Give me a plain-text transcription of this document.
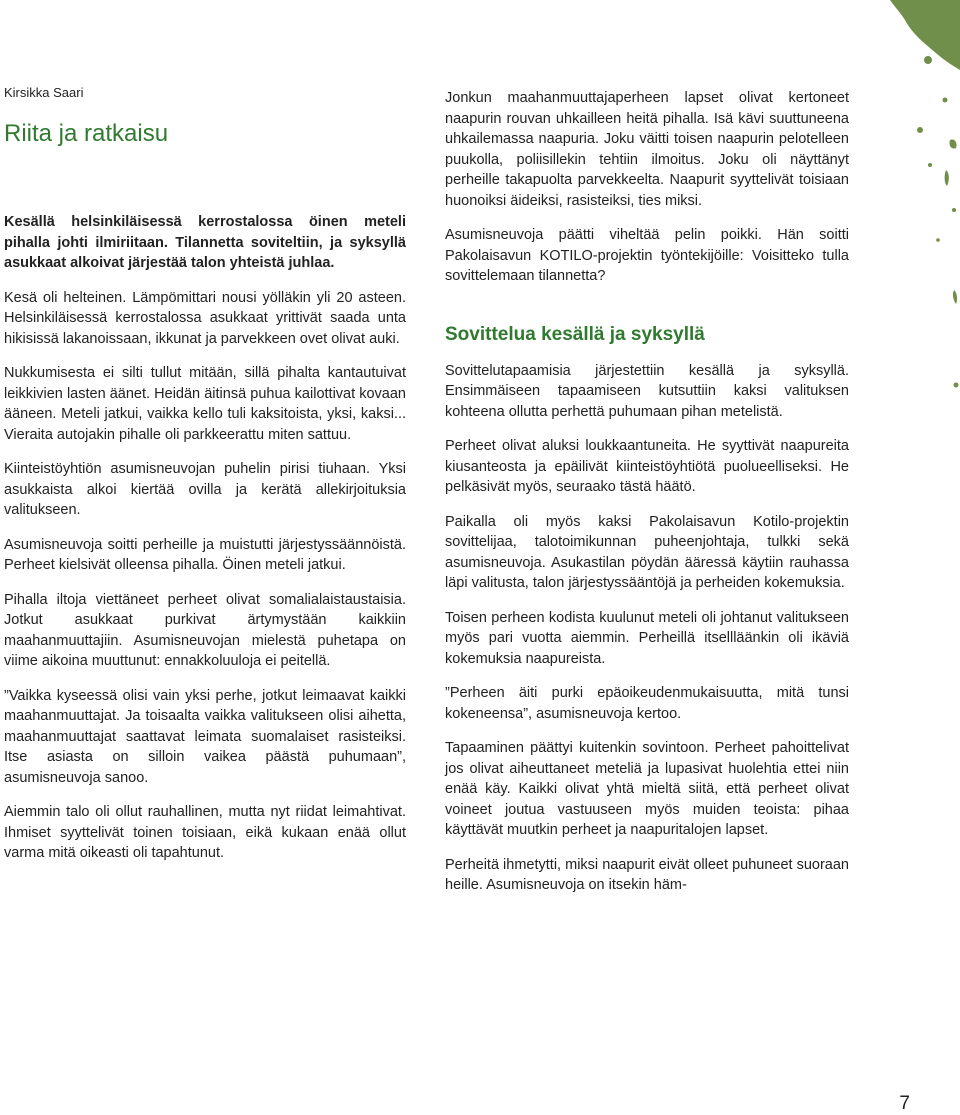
Kirsikka Saari
Riita ja ratkaisu

Kesällä helsinkiläisessä kerrostalossa öinen meteli pihalla johti ilmiriitaan. Tilannetta soviteltiin, ja syksyllä asukkaat alkoivat järjestää talon yhteistä juhlaa.

Kesä oli helteinen. Lämpömittari nousi yölläkin yli 20 asteen. Helsinkiläisessä kerrostalossa asukkaat yrittivät saada unta hikisissä lakanoissaan, ikkunat ja parvekkeen ovet olivat auki.

Nukkumisesta ei silti tullut mitään, sillä pihalta kantautuivat leikkivien lasten äänet. Heidän äitinsä puhua kailottivat kovaan ääneen. Meteli jatkui, vaikka kello tuli kaksitoista, yksi, kaksi... Vieraita autojakin pihalle oli parkkeerattu miten sattuu.

Kiinteistöyhtiön asumisneuvojan puhelin pirisi tiuhaan. Yksi asukkaista alkoi kiertää ovilla ja kerätä allekirjoituksia valitukseen.

Asumisneuvoja soitti perheille ja muistutti järjestyssäännöistä. Perheet kielsivät olleensa pihalla. Öinen meteli jatkui.

Pihalla iltoja viettäneet perheet olivat somalialaistaustaisia. Jotkut asukkaat purkivat ärtymystään kaikkiin maahanmuuttajiin. Asumisneuvojan mielestä puhetapa on viime aikoina muuttunut: ennakkoluuloja ei peitellä.

”Vaikka kyseessä olisi vain yksi perhe, jotkut leimaavat kaikki maahanmuuttajat. Ja toisaalta vaikka valitukseen olisi aihetta, maahanmuuttajat saattavat leimata suomalaiset rasisteiksi. Itse asiasta on silloin vaikea päästä puhumaan”, asumisneuvoja sanoo.

Aiemmin talo oli ollut rauhallinen, mutta nyt riidat leimahtivat. Ihmiset syyttelivät toinen toisiaan, eikä kukaan enää ollut varma mitä oikeasti oli tapahtunut.

Jonkun maahanmuuttajaperheen lapset olivat kertoneet naapurin rouvan uhkailleen heitä pihalla. Isä kävi suuttuneena uhkailemassa naapuria. Joku väitti toisen naapurin pelotelleen puukolla, poliisillekin tehtiin ilmoitus. Joku oli näyttänyt perheille takapuolta parvekkeelta. Naapurit syyttelivät toisiaan huonoiksi äideiksi, rasisteiksi, ties miksi.

Asumisneuvoja päätti viheltää pelin poikki. Hän soitti Pakolaisavun KOTILO-projektin työntekijöille: Voisitteko tulla sovittelemaan tilannetta?

Sovittelua kesällä ja syksyllä

Sovittelutapaamisia järjestettiin kesällä ja syksyllä. Ensimmäiseen tapaamiseen kutsuttiin kaksi valituksen kohteena ollutta perhettä puhumaan pihan metelistä.

Perheet olivat aluksi loukkaantuneita. He syyttivät naapureita kiusanteosta ja epäilivät kiinteistöyhtiötä puolueelliseksi. He pelkäsivät myös, seuraako tästä häätö.

Paikalla oli myös kaksi Pakolaisavun Kotilo-projektin sovittelijaa, talotoimikunnan puheenjohtaja, tulkki sekä asumisneuvoja. Asukastilan pöydän ääressä käytiin rauhassa läpi valitusta, talon järjestyssääntöjä ja perheiden kokemuksia.

Toisen perheen kodista kuulunut meteli oli johtanut valitukseen myös pari vuotta aiemmin. Perheillä itsellläänkin oli ikäviä kokemuksia naapureista.

”Perheen äiti purki epäoikeudenmukaisuutta, mitä tunsi kokeneensa”, asumisneuvoja kertoo.

Tapaaminen päättyi kuitenkin sovintoon. Perheet pahoittelivat jos olivat aiheuttaneet meteliä ja lupasivat huolehtia ettei niin enää käy. Kaikki olivat yhtä mieltä siitä, että perheet olivat voineet joutua vastuuseen myös muiden teoista: pihaa käyttävät muutkin perheet ja naapuritalojen lapset.

Perheitä ihmetytti, miksi naapurit eivät olleet puhuneet suoraan heille. Asumisneuvoja on itsekin häm-

7
